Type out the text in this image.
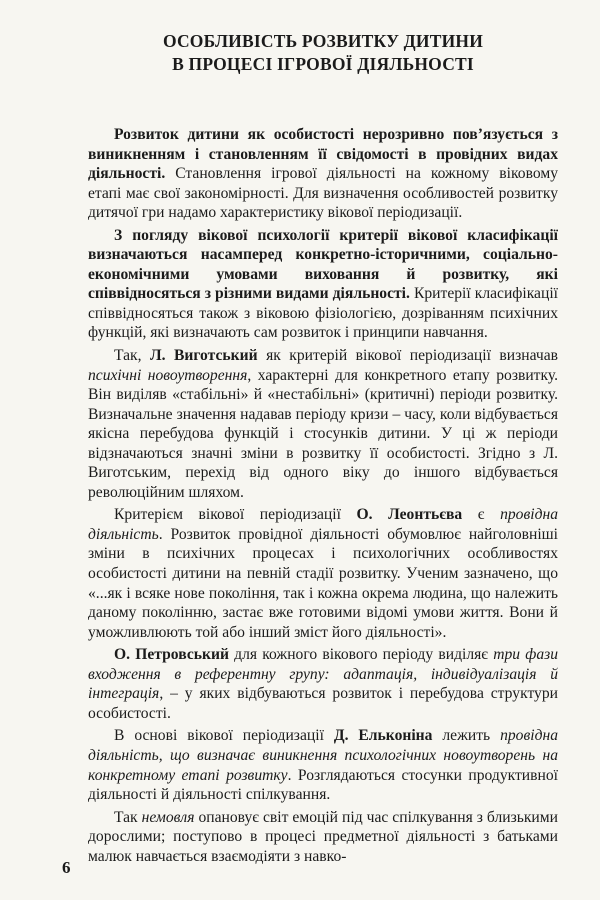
ОСОБЛИВІСТЬ РОЗВИТКУ ДИТИНИ
В ПРОЦЕСІ ІГРОВОЇ ДІЯЛЬНОСТІ

Розвиток дитини як особистості нерозривно пов’язується з виникненням і становленням її свідомості в провідних видах діяльності. Становлення ігрової діяльності на кожному віковому етапі має свої закономірності. Для визначення особливостей розвитку дитячої гри надамо характеристику вікової періодизації.

З погляду вікової психології критерії вікової класифікації визначаються насамперед конкретно-історичними, соціально-економічними умовами виховання й розвитку, які співвідносяться з різними видами діяльності. Критерії класифікації співвідносяться також з віковою фізіологією, дозріванням психічних функцій, які визначають сам розвиток і принципи навчання.

Так, Л. Виготський як критерій вікової періодизації визначав психічні новоутворення, характерні для конкретного етапу розвитку. Він виділяв «стабільні» й «нестабільні» (критичні) періоди розвитку. Визначальне значення надавав періоду кризи – часу, коли відбувається якісна перебудова функцій і стосунків дитини. У ці ж періоди відзначаються значні зміни в розвитку її особистості. Згідно з Л. Виготським, перехід від одного віку до іншого відбувається революційним шляхом.

Критерієм вікової періодизації О. Леонтьєва є провідна діяльність. Розвиток провідної діяльності обумовлює найголовніші зміни в психічних процесах і психологічних особливостях особистості дитини на певній стадії розвитку. Ученим зазначено, що «...як і всяке нове покоління, так і кожна окрема людина, що належить даному поколінню, застає вже готовими відомі умови життя. Вони й уможливлюють той або інший зміст його діяльності».

О. Петровський для кожного вікового періоду виділяє три фази входження в референтну групу: адаптація, індивідуалізація й інтеграція, – у яких відбуваються розвиток і перебудова структури особистості.

В основі вікової періодизації Д. Ельконіна лежить провідна діяльність, що визначає виникнення психологічних новоутворень на конкретному етапі розвитку. Розглядаються стосунки продуктивної діяльності й діяльності спілкування.

Так немовля опановує світ емоцій під час спілкування з близькими дорослими; поступово в процесі предметної діяльності з батьками малюк навчається взаємодіяти з навко-

6
